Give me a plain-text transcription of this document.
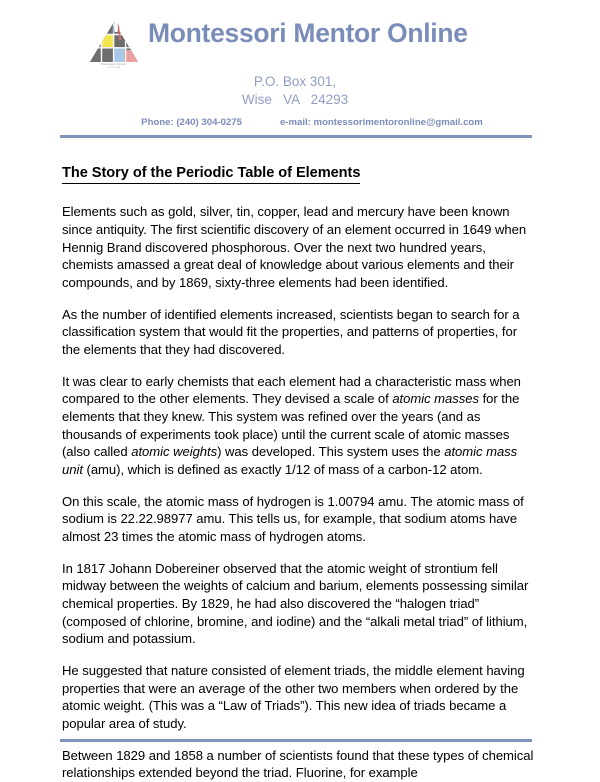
Montessori Mentor
o n l i n e
Montessori Mentor Online
P.O. Box 301,
Wise   VA   24293
Phone: (240) 304-0275	e-mail: montessorimentoronline@gmail.com
The Story of the Periodic Table of Elements

Elements such as gold, silver, tin, copper, lead and mercury have been known since antiquity. The first scientific discovery of an element occurred in 1649 when Hennig Brand discovered phosphorous. Over the next two hundred years, chemists amassed a great deal of knowledge about various elements and their compounds, and by 1869, sixty-three elements had been identified.

As the number of identified elements increased, scientists began to search for a classification system that would fit the properties, and patterns of properties, for the elements that they had discovered.

It was clear to early chemists that each element had a characteristic mass when compared to the other elements. They devised a scale of atomic masses for the elements that they knew. This system was refined over the years (and as thousands of experiments took place) until the current scale of atomic masses (also called atomic weights) was developed. This system uses the atomic mass unit (amu), which is defined as exactly 1/12 of mass of a carbon-12 atom.

On this scale, the atomic mass of hydrogen is 1.00794 amu. The atomic mass of sodium is 22.22.98977 amu. This tells us, for example, that sodium atoms have almost 23 times the atomic mass of hydrogen atoms.

In 1817 Johann Dobereiner observed that the atomic weight of strontium fell midway between the weights of calcium and barium, elements possessing similar chemical properties. By 1829, he had also discovered the “halogen triad” (composed of chlorine, bromine, and iodine) and the “alkali metal triad” of lithium, sodium and potassium.

He suggested that nature consisted of element triads, the middle element having properties that were an average of the other two members when ordered by the atomic weight. (This was a “Law of Triads”). This new idea of triads became a popular area of study.

Between 1829 and 1858 a number of scientists found that these types of chemical relationships extended beyond the triad. Fluorine, for example
